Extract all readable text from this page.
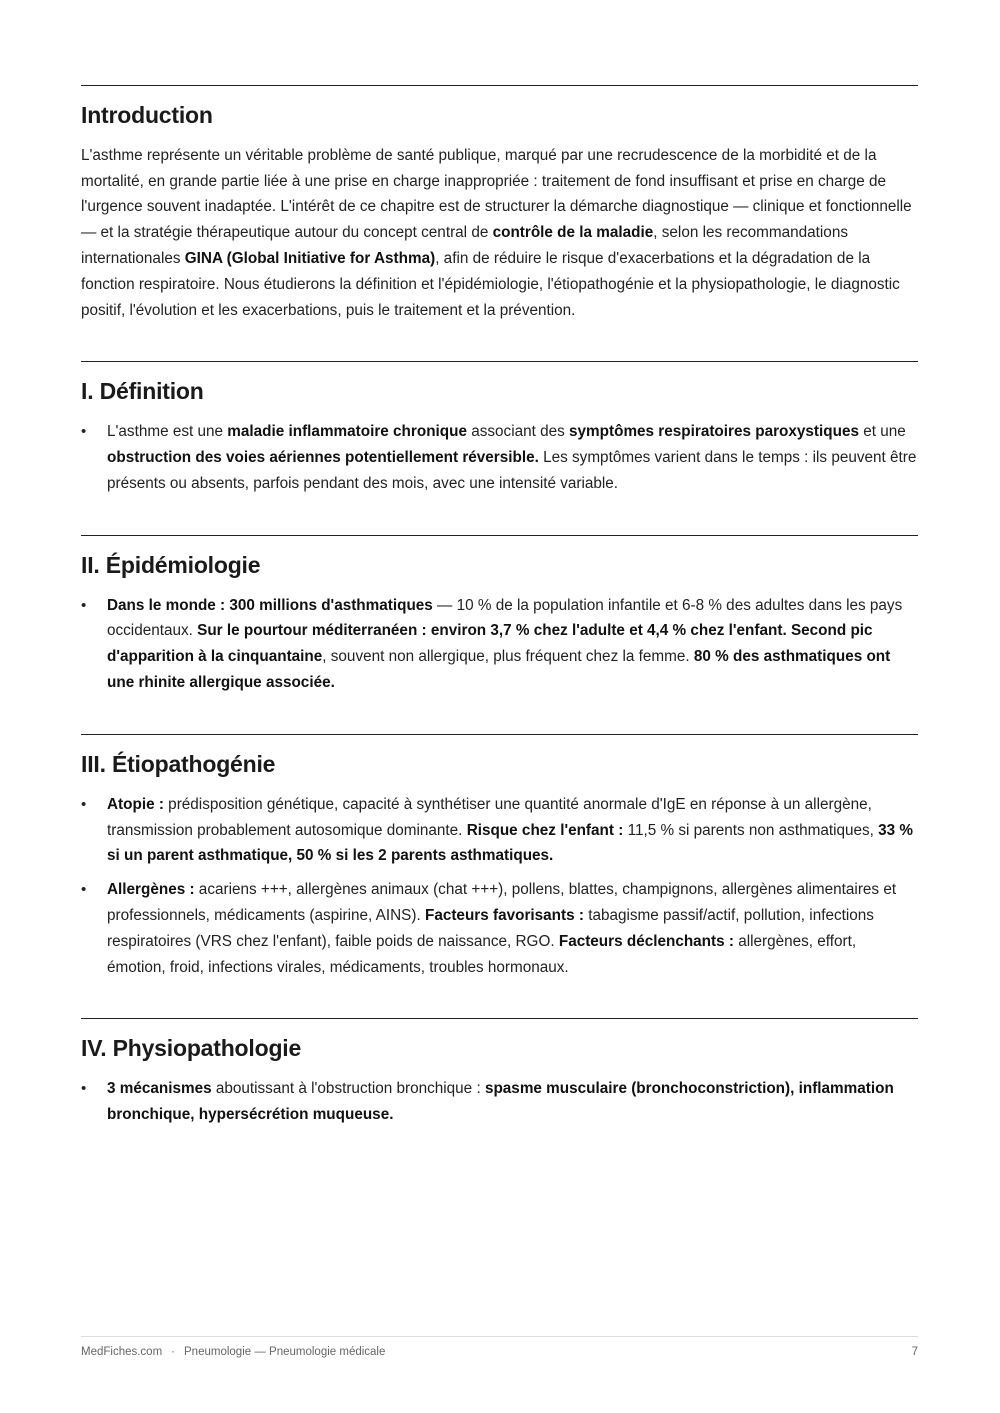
Introduction

L'asthme représente un véritable problème de santé publique, marqué par une recrudescence de la morbidité et de la mortalité, en grande partie liée à une prise en charge inappropriée : traitement de fond insuffisant et prise en charge de l'urgence souvent inadaptée. L'intérêt de ce chapitre est de structurer la démarche diagnostique — clinique et fonctionnelle — et la stratégie thérapeutique autour du concept central de contrôle de la maladie, selon les recommandations internationales GINA (Global Initiative for Asthma), afin de réduire le risque d'exacerbations et la dégradation de la fonction respiratoire. Nous étudierons la définition et l'épidémiologie, l'étiopathogénie et la physiopathologie, le diagnostic positif, l'évolution et les exacerbations, puis le traitement et la prévention.

I. Définition
• L'asthme est une maladie inflammatoire chronique associant des symptômes respiratoires paroxystiques et une obstruction des voies aériennes potentiellement réversible. Les symptômes varient dans le temps : ils peuvent être présents ou absents, parfois pendant des mois, avec une intensité variable.
II. Épidémiologie
• Dans le monde : 300 millions d'asthmatiques — 10 % de la population infantile et 6-8 % des adultes dans les pays occidentaux. Sur le pourtour méditerranéen : environ 3,7 % chez l'adulte et 4,4 % chez l'enfant. Second pic d'apparition à la cinquantaine, souvent non allergique, plus fréquent chez la femme. 80 % des asthmatiques ont une rhinite allergique associée.
III. Étiopathogénie
• Atopie : prédisposition génétique, capacité à synthétiser une quantité anormale d'IgE en réponse à un allergène, transmission probablement autosomique dominante. Risque chez l'enfant : 11,5 % si parents non asthmatiques, 33 % si un parent asthmatique, 50 % si les 2 parents asthmatiques.
• Allergènes : acariens +++, allergènes animaux (chat +++), pollens, blattes, champignons, allergènes alimentaires et professionnels, médicaments (aspirine, AINS). Facteurs favorisants : tabagisme passif/actif, pollution, infections respiratoires (VRS chez l'enfant), faible poids de naissance, RGO. Facteurs déclenchants : allergènes, effort, émotion, froid, infections virales, médicaments, troubles hormonaux.
IV. Physiopathologie
• 3 mécanismes aboutissant à l'obstruction bronchique : spasme musculaire (bronchoconstriction), inflammation bronchique, hypersécrétion muqueuse.
MedFiches.com · Pneumologie — Pneumologie médicale	7
